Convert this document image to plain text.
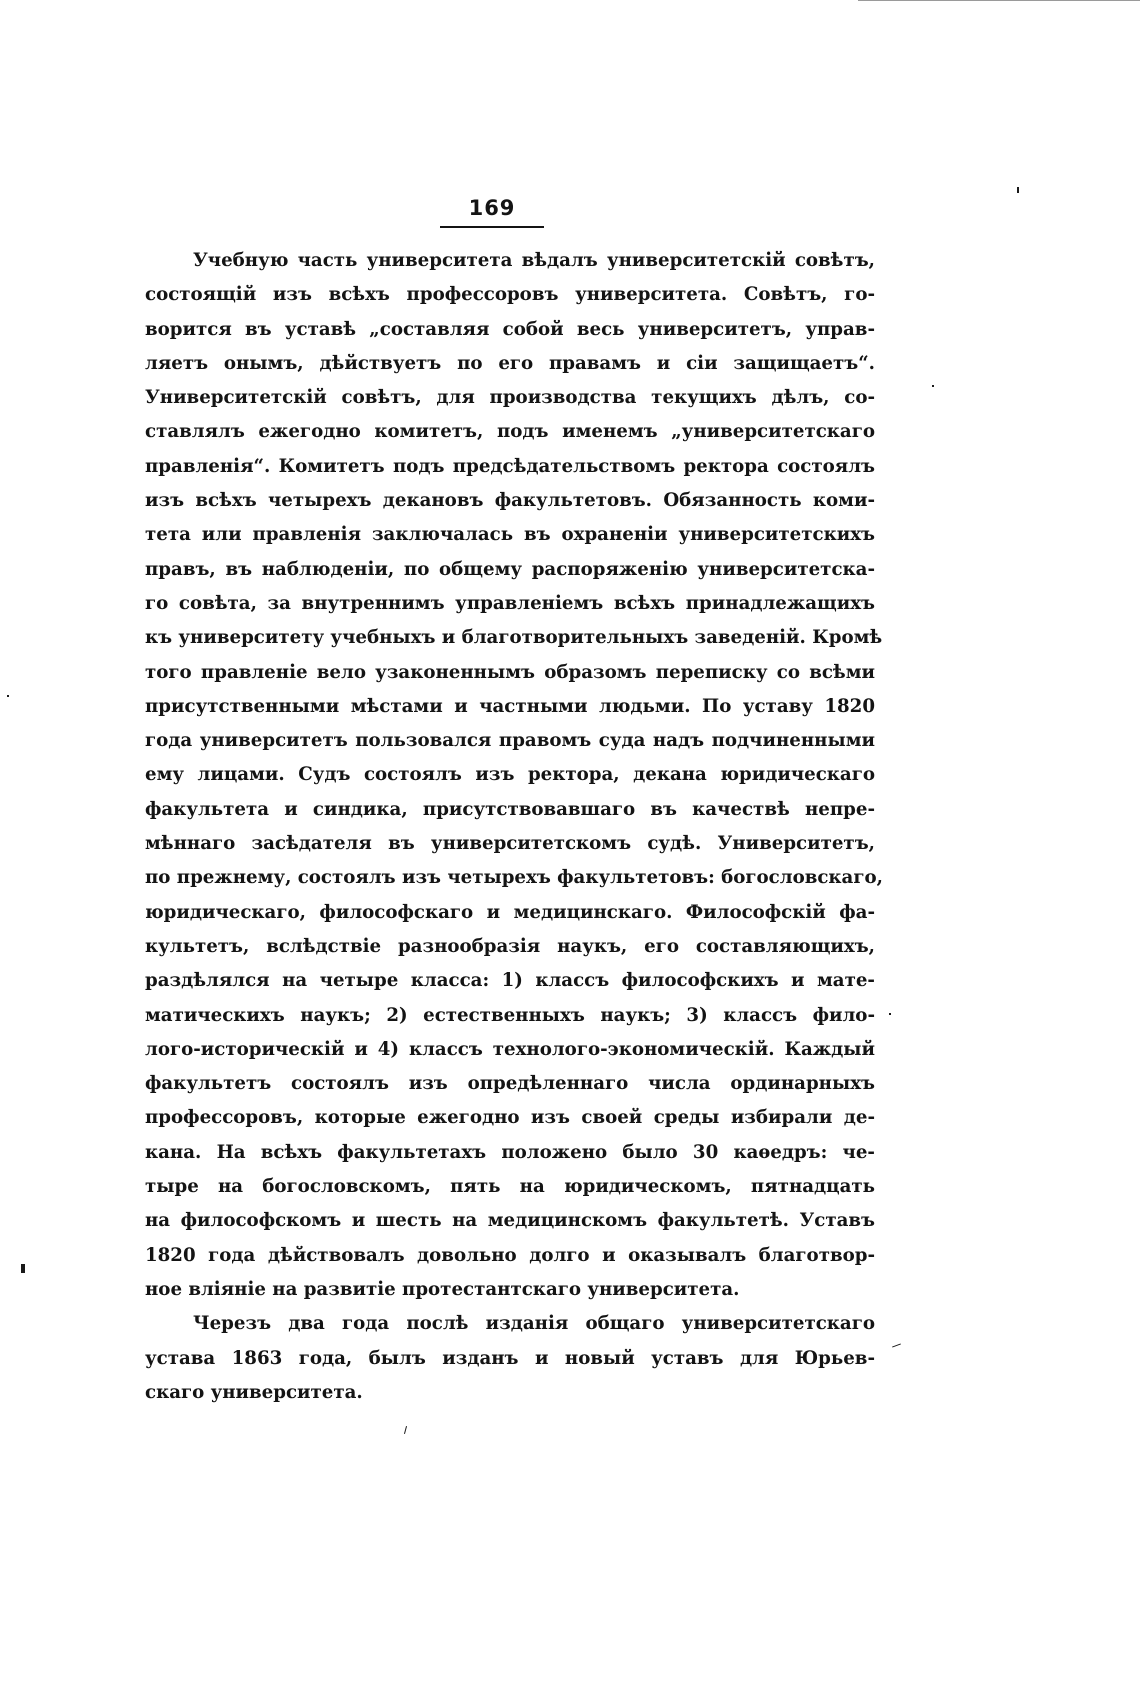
169
Учебную часть университета вѣдалъ университетскій совѣтъ,
состоящій изъ всѣхъ профессоровъ университета. Совѣтъ, го-
ворится въ уставѣ „составляя собой весь университетъ, управ-
ляетъ онымъ, дѣйствуетъ по его правамъ и сіи защищаетъ“.
Университетскій совѣтъ, для производства текущихъ дѣлъ, со-
ставлялъ ежегодно комитетъ, подъ именемъ „университетскаго
правленія“. Комитетъ подъ предсѣдательствомъ ректора состоялъ
изъ всѣхъ четырехъ декановъ факультетовъ. Обязанность коми-
тета или правленія заключалась въ охраненіи университетскихъ
правъ, въ наблюденіи, по общему распоряженію университетска-
го совѣта, за внутреннимъ управленіемъ всѣхъ принадлежащихъ
къ университету учебныхъ и благотворительныхъ заведеній. Кромѣ
того правленіе вело узаконеннымъ образомъ переписку со всѣми
присутственными мѣстами и частными людьми. По уставу 1820
года университетъ пользовался правомъ суда надъ подчиненными
ему лицами. Судъ состоялъ изъ ректора, декана юридическаго
факультета и синдика, присутствовавшаго въ качествѣ непре-
мѣннаго засѣдателя въ университетскомъ судѣ. Университетъ,
по прежнему, состоялъ изъ четырехъ факультетовъ: богословскаго,
юридическаго, философскаго и медицинскаго. Философскій фа-
культетъ, вслѣдствіе разнообразія наукъ, его составляющихъ,
раздѣлялся на четыре класса: 1) классъ философскихъ и мате-
матическихъ наукъ; 2) естественныхъ наукъ; 3) классъ фило-
лого-историческій и 4) классъ технолого-экономическій. Каждый
факультетъ состоялъ изъ опредѣленнаго числа ординарныхъ
профессоровъ, которые ежегодно изъ своей среды избирали де-
кана. На всѣхъ факультетахъ положено было 30 каѳедръ: че-
тыре на богословскомъ, пять на юридическомъ, пятнадцать
на философскомъ и шесть на медицинскомъ факультетѣ. Уставъ
1820 года дѣйствовалъ довольно долго и оказывалъ благотвор-
ное вліяніе на развитіе протестантскаго университета.
Черезъ два года послѣ изданія общаго университетскаго
устава 1863 года, былъ изданъ и новый уставъ для Юрьев-
скаго университета.
